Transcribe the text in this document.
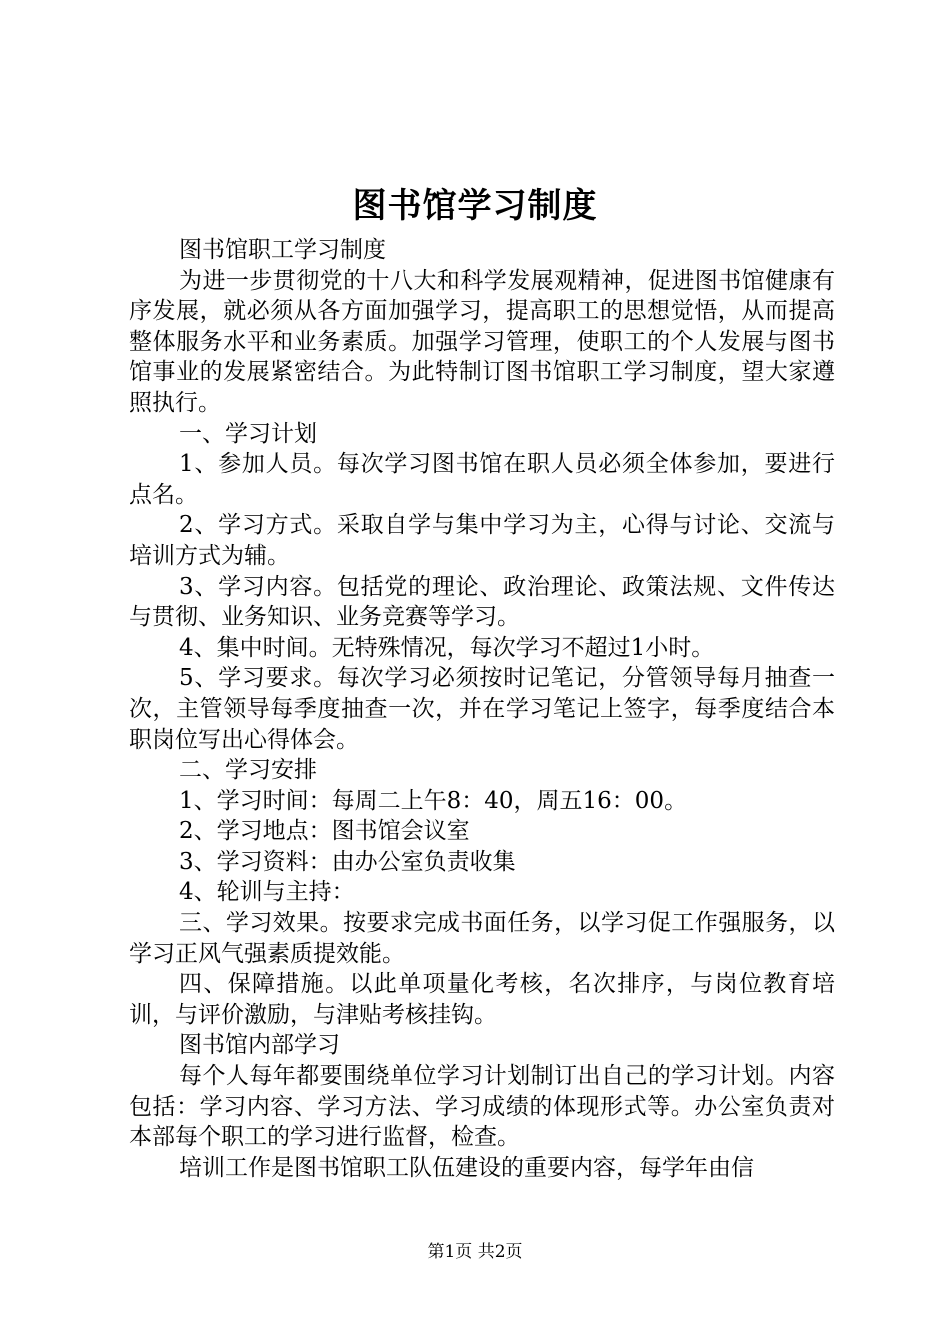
图书馆学习制度

图书馆职工学习制度

为进一步贯彻党的十八大和科学发展观精神，促进图书馆健康有序发展，就必须从各方面加强学习，提高职工的思想觉悟，从而提高整体服务水平和业务素质。加强学习管理，使职工的个人发展与图书馆事业的发展紧密结合。为此特制订图书馆职工学习制度，望大家遵照执行。

一、学习计划

1、参加人员。每次学习图书馆在职人员必须全体参加，要进行点名。

2、学习方式。采取自学与集中学习为主，心得与讨论、交流与培训方式为辅。

3、学习内容。包括党的理论、政治理论、政策法规、文件传达与贯彻、业务知识、业务竞赛等学习。

4、集中时间。无特殊情况，每次学习不超过1小时。

5、学习要求。每次学习必须按时记笔记，分管领导每月抽查一次，主管领导每季度抽查一次，并在学习笔记上签字，每季度结合本职岗位写出心得体会。

二、学习安排

1、学习时间：每周二上午8：40，周五16：00。

2、学习地点：图书馆会议室

3、学习资料：由办公室负责收集

4、轮训与主持：

三、学习效果。按要求完成书面任务，以学习促工作强服务，以学习正风气强素质提效能。

四、保障措施。以此单项量化考核，名次排序，与岗位教育培训，与评价激励，与津贴考核挂钩。

图书馆内部学习

每个人每年都要围绕单位学习计划制订出自己的学习计划。内容包括：学习内容、学习方法、学习成绩的体现形式等。办公室负责对本部每个职工的学习进行监督，检查。

培训工作是图书馆职工队伍建设的重要内容，每学年由信

第1页 共2页
